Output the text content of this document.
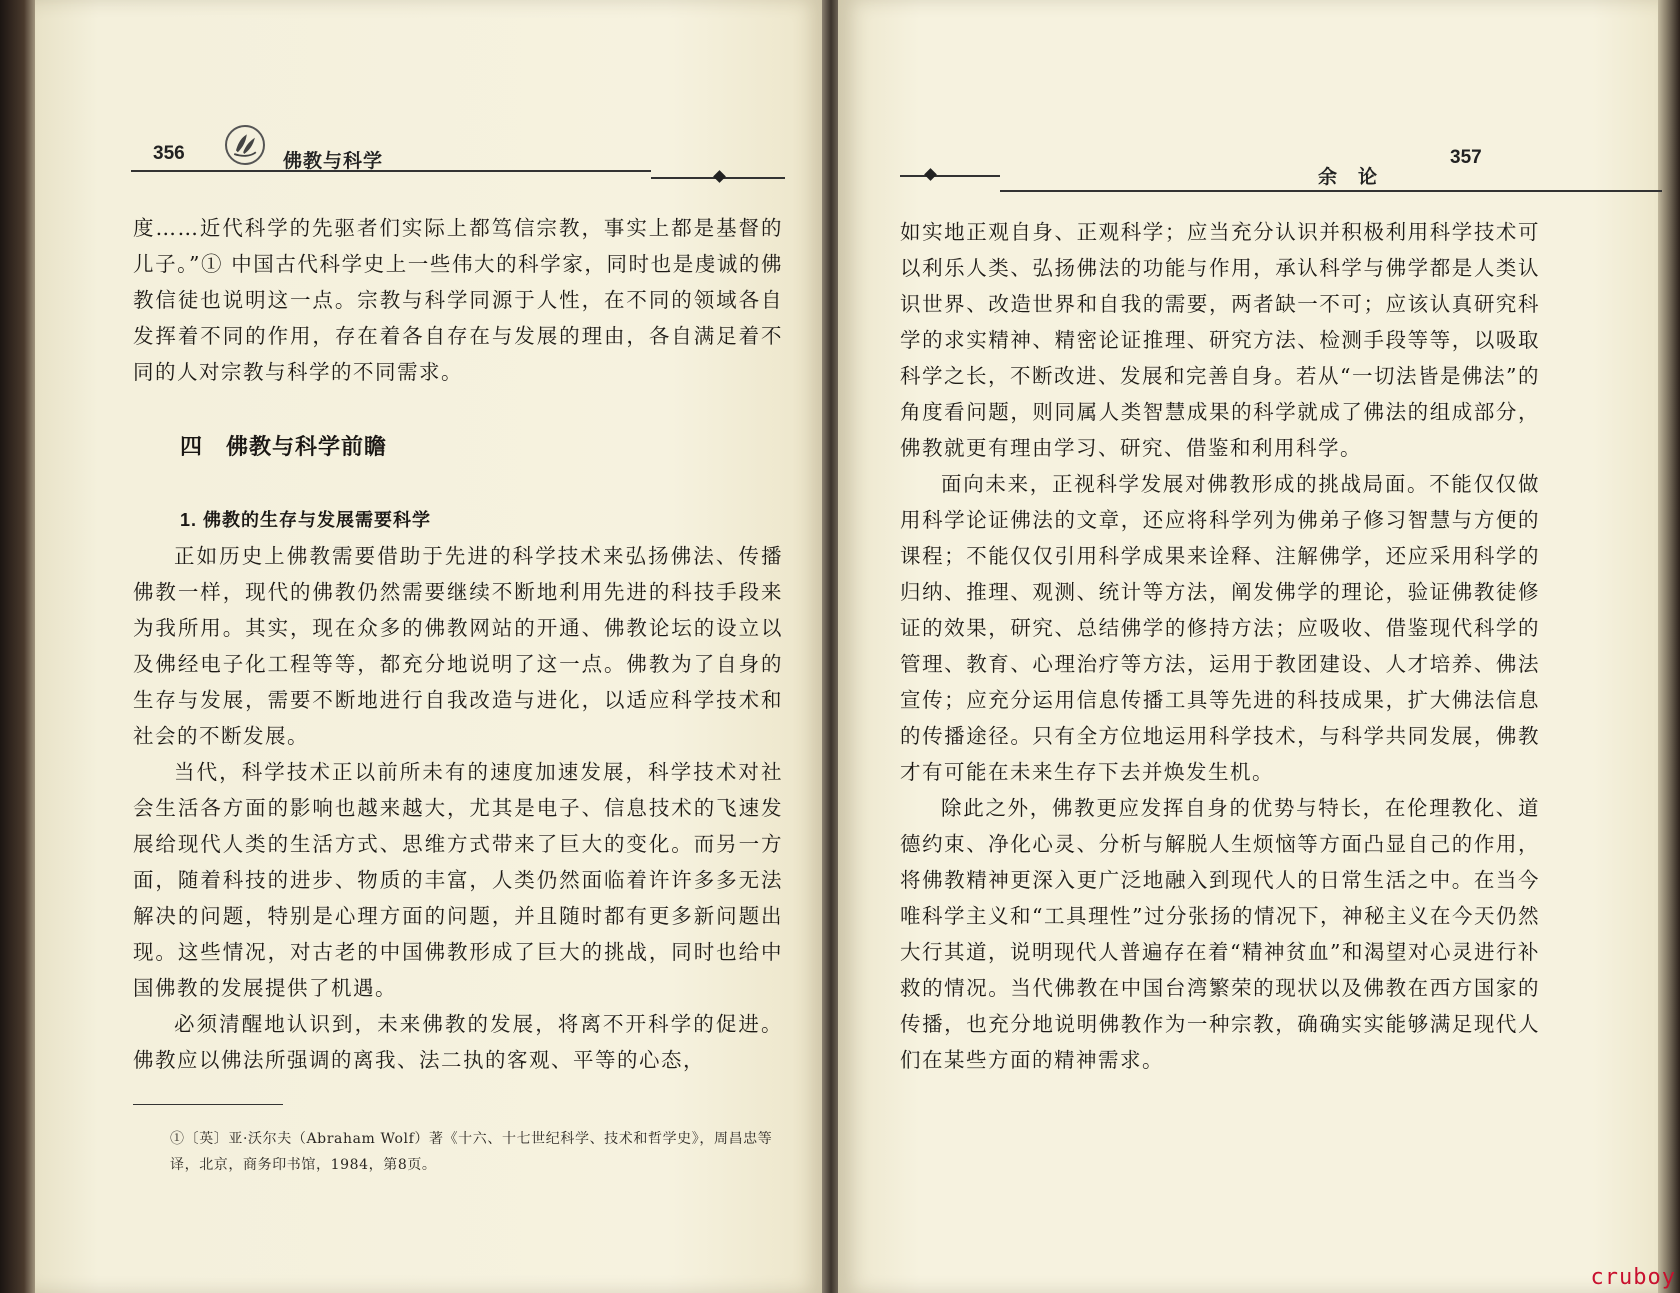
356	佛教与科学

度……近代科学的先驱者们实际上都笃信宗教，事实上都是基督的儿子。”① 中国古代科学史上一些伟大的科学家，同时也是虔诚的佛教信徒也说明这一点。宗教与科学同源于人性，在不同的领域各自发挥着不同的作用，存在着各自存在与发展的理由，各自满足着不同的人对宗教与科学的不同需求。

四　佛教与科学前瞻
1. 佛教的生存与发展需要科学

正如历史上佛教需要借助于先进的科学技术来弘扬佛法、传播佛教一样，现代的佛教仍然需要继续不断地利用先进的科技手段来为我所用。其实，现在众多的佛教网站的开通、佛教论坛的设立以及佛经电子化工程等等，都充分地说明了这一点。佛教为了自身的生存与发展，需要不断地进行自我改造与进化，以适应科学技术和社会的不断发展。

当代，科学技术正以前所未有的速度加速发展，科学技术对社会生活各方面的影响也越来越大，尤其是电子、信息技术的飞速发展给现代人类的生活方式、思维方式带来了巨大的变化。而另一方面，随着科技的进步、物质的丰富，人类仍然面临着许许多多无法解决的问题，特别是心理方面的问题，并且随时都有更多新问题出现。这些情况，对古老的中国佛教形成了巨大的挑战，同时也给中国佛教的发展提供了机遇。

必须清醒地认识到，未来佛教的发展，将离不开科学的促进。佛教应以佛法所强调的离我、法二执的客观、平等的心态，

①〔英〕亚·沃尔夫（Abraham Wolf）著《十六、十七世纪科学、技术和哲学史》，周昌忠等译，北京，商务印书馆，1984，第8页。
余　论
357

如实地正观自身、正观科学；应当充分认识并积极利用科学技术可以利乐人类、弘扬佛法的功能与作用，承认科学与佛学都是人类认识世界、改造世界和自我的需要，两者缺一不可；应该认真研究科学的求实精神、精密论证推理、研究方法、检测手段等等，以吸取科学之长，不断改进、发展和完善自身。若从“一切法皆是佛法”的角度看问题，则同属人类智慧成果的科学就成了佛法的组成部分，佛教就更有理由学习、研究、借鉴和利用科学。

面向未来，正视科学发展对佛教形成的挑战局面。不能仅仅做用科学论证佛法的文章，还应将科学列为佛弟子修习智慧与方便的课程；不能仅仅引用科学成果来诠释、注解佛学，还应采用科学的归纳、推理、观测、统计等方法，阐发佛学的理论，验证佛教徒修证的效果，研究、总结佛学的修持方法；应吸收、借鉴现代科学的管理、教育、心理治疗等方法，运用于教团建设、人才培养、佛法宣传；应充分运用信息传播工具等先进的科技成果，扩大佛法信息的传播途径。只有全方位地运用科学技术，与科学共同发展，佛教才有可能在未来生存下去并焕发生机。

除此之外，佛教更应发挥自身的优势与特长，在伦理教化、道德约束、净化心灵、分析与解脱人生烦恼等方面凸显自己的作用，将佛教精神更深入更广泛地融入到现代人的日常生活之中。在当今唯科学主义和“工具理性”过分张扬的情况下，神秘主义在今天仍然大行其道，说明现代人普遍存在着“精神贫血”和渴望对心灵进行补救的情况。当代佛教在中国台湾繁荣的现状以及佛教在西方国家的传播，也充分地说明佛教作为一种宗教，确确实实能够满足现代人们在某些方面的精神需求。

cruboy
